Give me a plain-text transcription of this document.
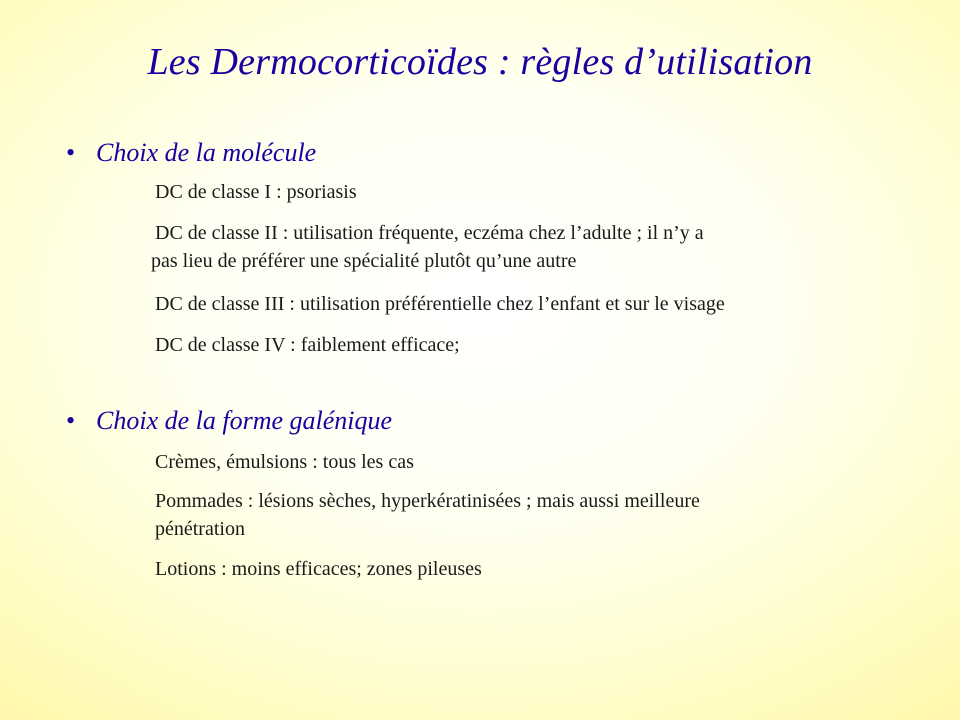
Les Dermocorticoïdes : règles d’utilisation
• Choix de la molécule

DC de classe I : psoriasis

DC de classe II : utilisation fréquente, eczéma chez l’adulte ; il n’y a

pas lieu de préférer une spécialité plutôt qu’une autre

DC de classe III : utilisation préférentielle chez l’enfant et sur le visage

DC de classe IV : faiblement efficace;

• Choix de la forme galénique

Crèmes, émulsions : tous les cas

Pommades : lésions sèches, hyperkératinisées ; mais aussi meilleure

pénétration

Lotions : moins efficaces; zones pileuses
